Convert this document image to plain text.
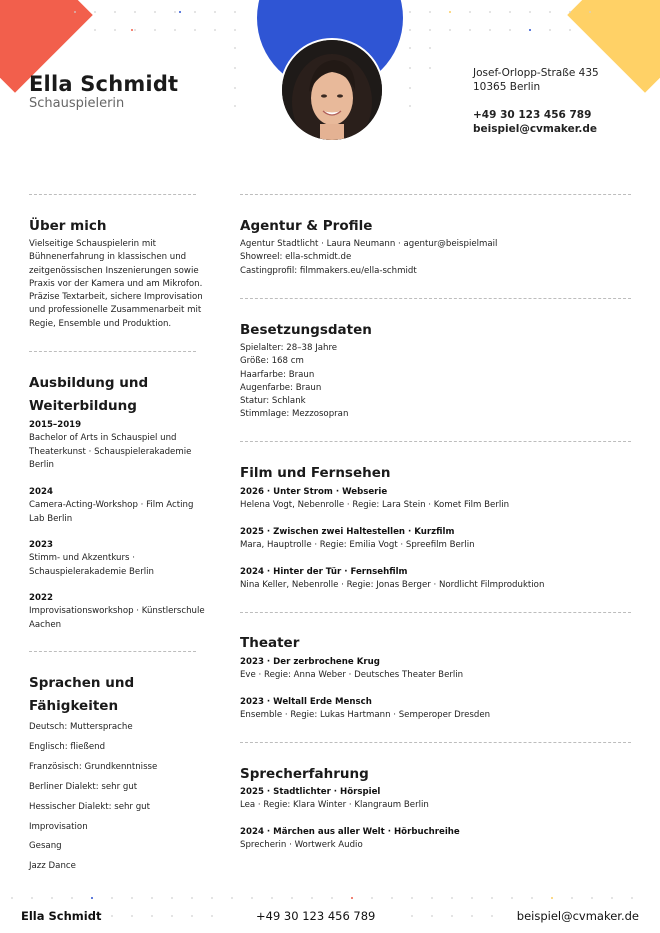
Ella Schmidt
Schauspielerin
Josef-Orlopp-Straße 435
10365 Berlin
+49 30 123 456 789
beispiel@cvmaker.de
Über mich
Vielseitige Schauspielerin mit
Bühnenerfahrung in klassischen und
zeitgenössischen Inszenierungen sowie
Praxis vor der Kamera und am Mikrofon.
Präzise Textarbeit, sichere Improvisation
und professionelle Zusammenarbeit mit
Regie, Ensemble und Produktion.
Ausbildung und
Weiterbildung
2015–2019
Bachelor of Arts in Schauspiel und
Theaterkunst · Schauspielerakademie
Berlin
2024
Camera-Acting-Workshop · Film Acting
Lab Berlin
2023
Stimm- und Akzentkurs ·
Schauspielerakademie Berlin
2022
Improvisationsworkshop · Künstlerschule
Aachen
Sprachen und
Fähigkeiten
Deutsch: Muttersprache
Englisch: fließend
Französisch: Grundkenntnisse
Berliner Dialekt: sehr gut
Hessischer Dialekt: sehr gut
Improvisation
Gesang
Jazz Dance
Agentur & Profile
Agentur Stadtlicht · Laura Neumann · agentur@beispielmail
Showreel: ella-schmidt.de
Castingprofil: filmmakers.eu/ella-schmidt
Besetzungsdaten
Spielalter: 28–38 Jahre
Größe: 168 cm
Haarfarbe: Braun
Augenfarbe: Braun
Statur: Schlank
Stimmlage: Mezzosopran
Film und Fernsehen
2026 · Unter Strom · Webserie
Helena Vogt, Nebenrolle · Regie: Lara Stein · Komet Film Berlin
2025 · Zwischen zwei Haltestellen · Kurzfilm
Mara, Hauptrolle · Regie: Emilia Vogt · Spreefilm Berlin
2024 · Hinter der Tür · Fernsehfilm
Nina Keller, Nebenrolle · Regie: Jonas Berger · Nordlicht Filmproduktion
Theater
2023 · Der zerbrochene Krug
Eve · Regie: Anna Weber · Deutsches Theater Berlin
2023 · Weltall Erde Mensch
Ensemble · Regie: Lukas Hartmann · Semperoper Dresden
Sprecherfahrung
2025 · Stadtlichter · Hörspiel
Lea · Regie: Klara Winter · Klangraum Berlin
2024 · Märchen aus aller Welt · Hörbuchreihe
Sprecherin · Wortwerk Audio
Ella Schmidt	+49 30 123 456 789	beispiel@cvmaker.de
